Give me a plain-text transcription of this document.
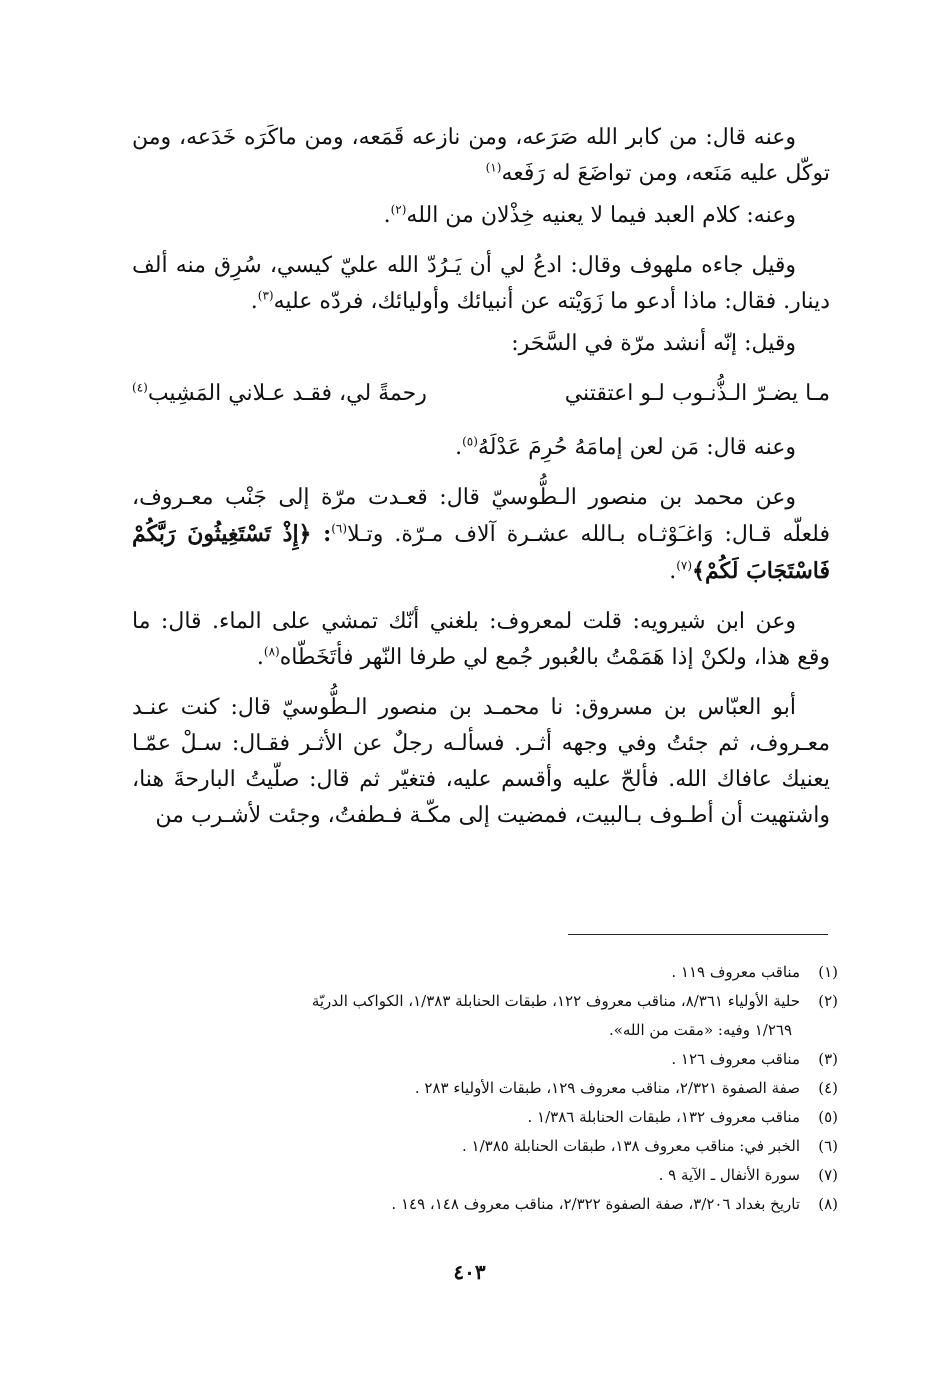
وعنه قال: من كابر الله صَرَعه، ومن نازعه قَمَعه، ومن ماكَرَه خَدَعه، ومن توكّل عليه مَنَعه، ومن تواضَعَ له رَفَعه$^{(١)}$

وعنه: كلام العبد فيما لا يعنيه خِذْلان من الله$^{(٢)}$.

وقيل جاءه ملهوف وقال: ادعُ لي أن يَـرُدّ الله عليّ كيسي، سُرِق منه ألف دينار. فقال: ماذا أدعو ما زَوَيْته عن أنبيائك وأوليائك، فردّه عليه$^{(٣)}$.

وقيل: إنّه أنشد مرّة في السَّحَر:

مـا يضـرّ الـذُّنـوب لـو اعتقتني
رحمةً لي، فقـد عـلاني المَشِيب$^{(٤)}$

وعنه قال: مَن لعن إمامَهُ حُرِمَ عَدْلَهُ$^{(٥)}$.

وعن محمد بن منصور الـطُّوسيّ قال: قعـدت مرّة إلى جَنْب معـروف، فلعلّه قـال: وَاغـَوْثـاه بـالله عشـرة آلاف مـرّة. وتـلا$^{(٦)}$: ﴿إِذْ تَسْتَغِيثُونَ رَبَّكُمْ فَاسْتَجَابَ لَكُمْ﴾$^{(٧)}$.

وعن ابن شيرويه: قلت لمعروف: بلغني أنّك تمشي على الماء. قال: ما وقع هذا، ولكنْ إذا هَمَمْتُ بالعُبور جُمع لي طرفا النّهر فأتَخَطّاه$^{(٨)}$.

أبو العبّاس بن مسروق: نا محمـد بن منصور الـطُّوسيّ قال: كنت عنـد معـروف، ثم جئتُ وفي وجهه أثـر. فسألـه رجلٌ عن الأثـر فقـال: سـلْ عمّـا يعنيك عافاك الله. فألحّ عليه وأقسم عليه، فتغيّر ثم قال: صلّيتُ البارحةَ هنا، واشتهيت أن أطـوف بـالبيت، فمضيت إلى مكّـة فـطفتُ، وجئت لأشـرب من

(١)
مناقب معروف ١١٩ .
(٢)
حلية الأولياء ٨/٣٦١، مناقب معروف ١٢٢، طبقات الحنابلة ١/٣٨٣، الكواكب الدريّة
١/٢٦٩ وفيه: «مقت من الله».
(٣)
مناقب معروف ١٢٦ .
(٤)
صفة الصفوة ٢/٣٢١، مناقب معروف ١٢٩، طبقات الأولياء ٢٨٣ .
(٥)
مناقب معروف ١٣٢، طبقات الحنابلة ١/٣٨٦ .
(٦)
الخبر في: مناقب معروف ١٣٨، طبقات الحنابلة ١/٣٨٥ .
(٧)
سورة الأنفال ـ الآية ٩ .
(٨)
تاريخ بغداد ٣/٢٠٦، صفة الصفوة ٢/٣٢٢، مناقب معروف ١٤٨، ١٤٩ .
٤٠٣
